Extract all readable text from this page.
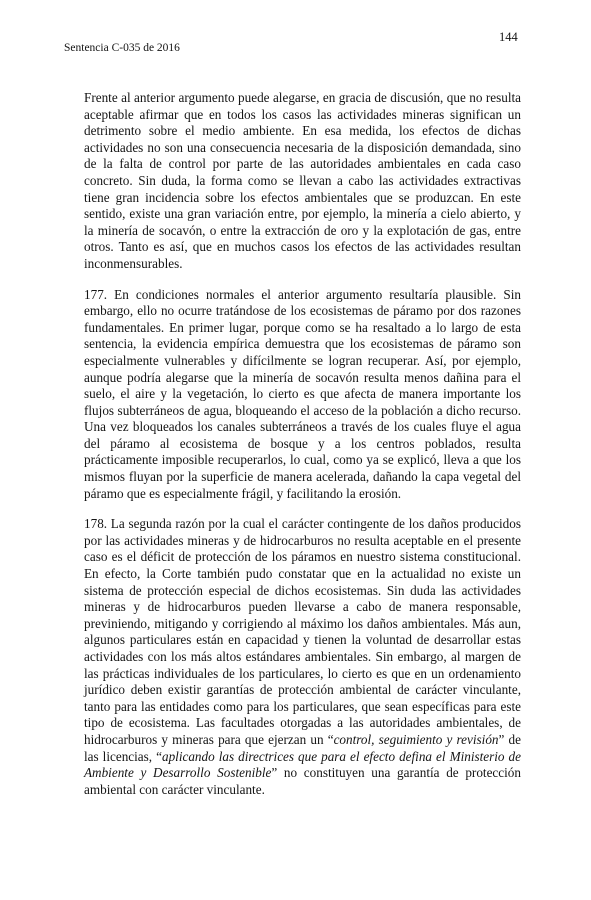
Sentencia C-035 de 2016
144

Frente al anterior argumento puede alegarse, en gracia de discusión, que no resulta aceptable afirmar que en todos los casos las actividades mineras significan un detrimento sobre el medio ambiente. En esa medida, los efectos de dichas actividades no son una consecuencia necesaria de la disposición demandada, sino de la falta de control por parte de las autoridades ambientales en cada caso concreto. Sin duda, la forma como se llevan a cabo las actividades extractivas tiene gran incidencia sobre los efectos ambientales que se produzcan. En este sentido, existe una gran variación entre, por ejemplo, la minería a cielo abierto, y la minería de socavón, o entre la extracción de oro y la explotación de gas, entre otros. Tanto es así, que en muchos casos los efectos de las actividades resultan inconmensurables.

177. En condiciones normales el anterior argumento resultaría plausible. Sin embargo, ello no ocurre tratándose de los ecosistemas de páramo por dos razones fundamentales. En primer lugar, porque como se ha resaltado a lo largo de esta sentencia, la evidencia empírica demuestra que los ecosistemas de páramo son especialmente vulnerables y difícilmente se logran recuperar. Así, por ejemplo, aunque podría alegarse que la minería de socavón resulta menos dañina para el suelo, el aire y la vegetación, lo cierto es que afecta de manera importante los flujos subterráneos de agua, bloqueando el acceso de la población a dicho recurso. Una vez bloqueados los canales subterráneos a través de los cuales fluye el agua del páramo al ecosistema de bosque y a los centros poblados, resulta prácticamente imposible recuperarlos, lo cual, como ya se explicó, lleva a que los mismos fluyan por la superficie de manera acelerada, dañando la capa vegetal del páramo que es especialmente frágil, y facilitando la erosión.

178. La segunda razón por la cual el carácter contingente de los daños producidos por las actividades mineras y de hidrocarburos no resulta aceptable en el presente caso es el déficit de protección de los páramos en nuestro sistema constitucional. En efecto, la Corte también pudo constatar que en la actualidad no existe un sistema de protección especial de dichos ecosistemas. Sin duda las actividades mineras y de hidrocarburos pueden llevarse a cabo de manera responsable, previniendo, mitigando y corrigiendo al máximo los daños ambientales. Más aun, algunos particulares están en capacidad y tienen la voluntad de desarrollar estas actividades con los más altos estándares ambientales. Sin embargo, al margen de las prácticas individuales de los particulares, lo cierto es que en un ordenamiento jurídico deben existir garantías de protección ambiental de carácter vinculante, tanto para las entidades como para los particulares, que sean específicas para este tipo de ecosistema. Las facultades otorgadas a las autoridades ambientales, de hidrocarburos y mineras para que ejerzan un “control, seguimiento y revisión” de las licencias, “aplicando las directrices que para el efecto defina el Ministerio de Ambiente y Desarrollo Sostenible” no constituyen una garantía de protección ambiental con carácter vinculante.
